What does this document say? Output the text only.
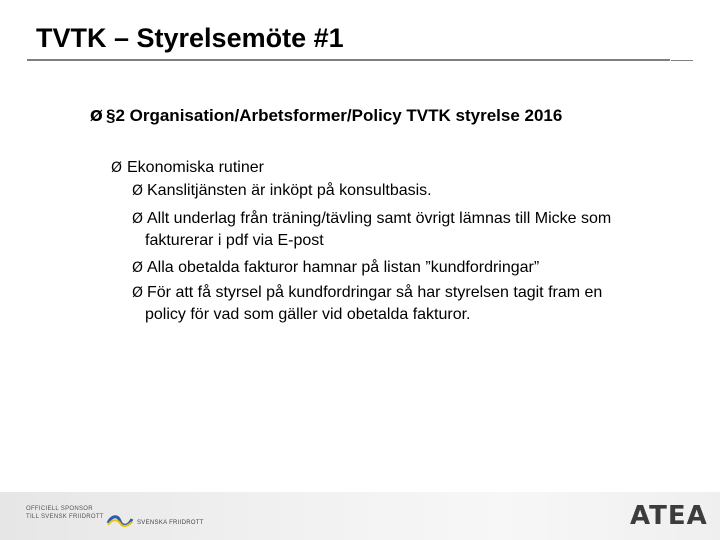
TVTK – Styrelsemöte #1
Ø §2 Organisation/Arbetsformer/Policy TVTK styrelse 2016
Ø Ekonomiska rutiner
Ø Kanslitjänsten är inköpt på konsultbasis.
Ø Allt underlag från träning/tävling samt övrigt lämnas till Micke som
fakturerar i pdf via E-post
Ø Alla obetalda fakturor hamnar på listan ”kundfordringar”
Ø För att få styrsel på kundfordringar så har styrelsen tagit fram en
policy för vad som gäller vid obetalda fakturor.
OFFICIELL SPONSOR
TILL SVENSK FRIIDROTT
SVENSKA FRIIDROTT	ATEA
